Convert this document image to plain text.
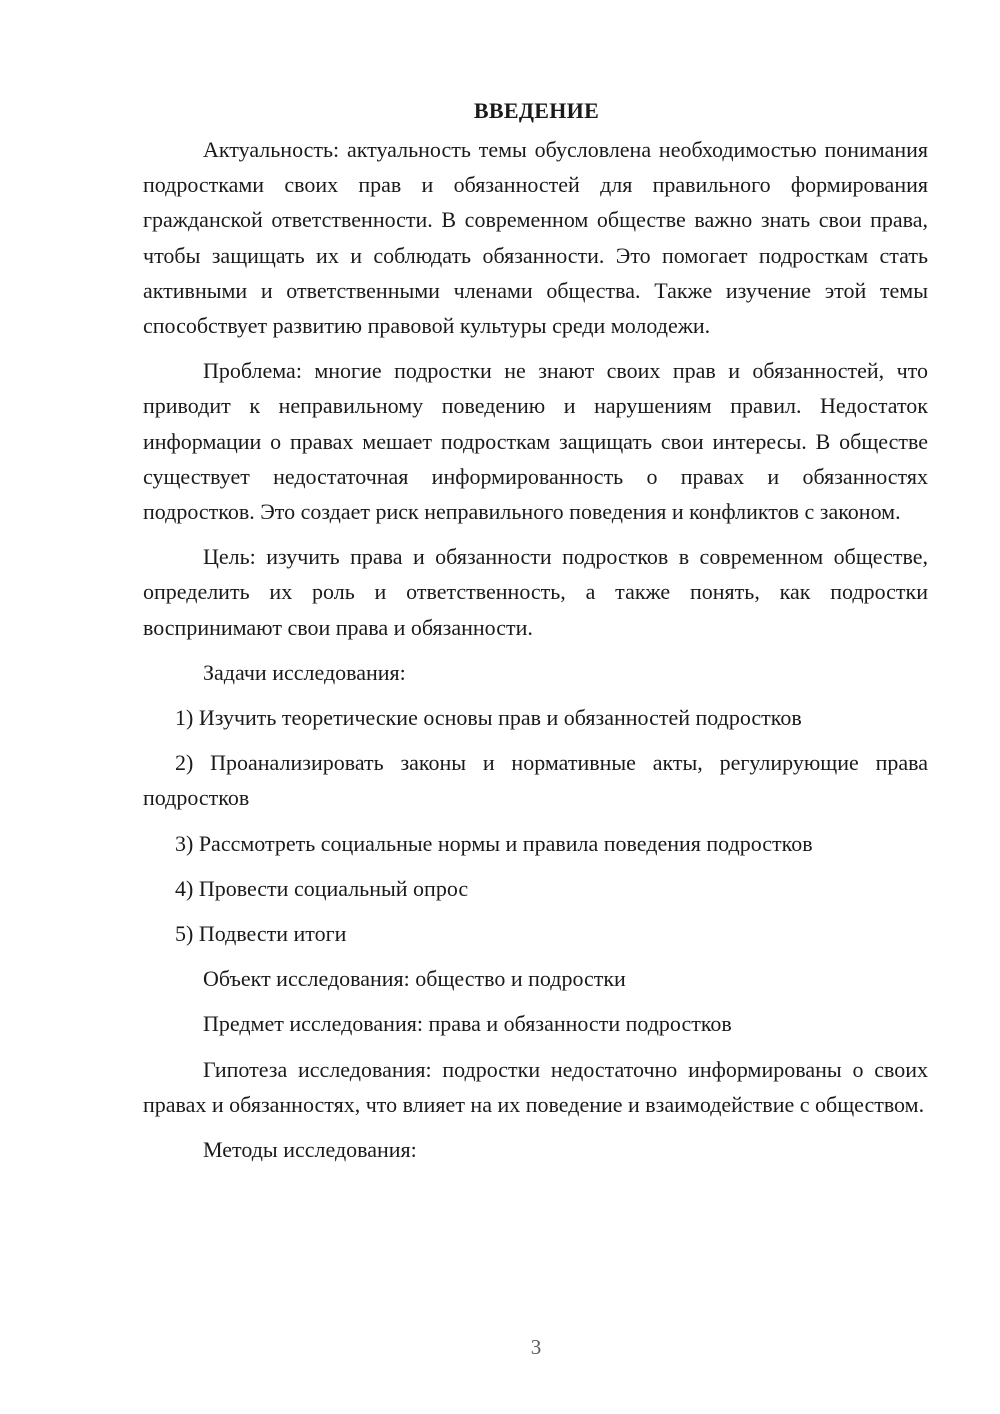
ВВЕДЕНИЕ

Актуальность: актуальность темы обусловлена необходимостью понимания подростками своих прав и обязанностей для правильного формирования гражданской ответственности. В современном обществе важно знать свои права, чтобы защищать их и соблюдать обязанности. Это помогает подросткам стать активными и ответственными членами общества. Также изучение этой темы способствует развитию правовой культуры среди молодежи.

Проблема: многие подростки не знают своих прав и обязанностей, что приводит к неправильному поведению и нарушениям правил. Недостаток информации о правах мешает подросткам защищать свои интересы. В обществе существует недостаточная информированность о правах и обязанностях подростков. Это создает риск неправильного поведения и конфликтов с законом.

Цель: изучить права и обязанности подростков в современном обществе, определить их роль и ответственность, а также понять, как подростки воспринимают свои права и обязанности.

Задачи исследования:

1) Изучить теоретические основы прав и обязанностей подростков

2) Проанализировать законы и нормативные акты, регулирующие права подростков

3) Рассмотреть социальные нормы и правила поведения подростков

4) Провести социальный опрос

5) Подвести итоги

Объект исследования: общество и подростки

Предмет исследования: права и обязанности подростков

Гипотеза исследования: подростки недостаточно информированы о своих правах и обязанностях, что влияет на их поведение и взаимодействие с обществом.

Методы исследования:

3
